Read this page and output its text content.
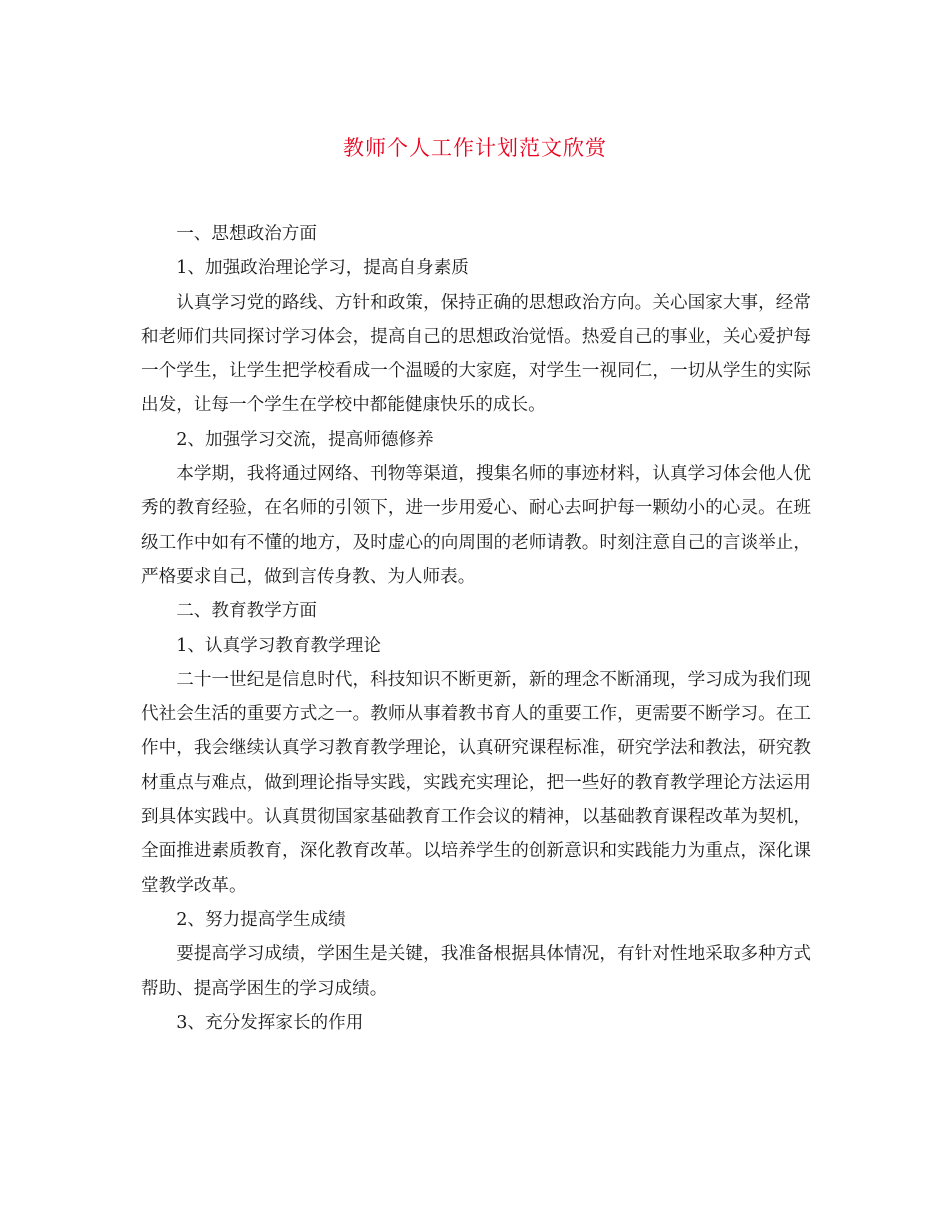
教师个人工作计划范文欣赏

一、思想政治方面

1、加强政治理论学习，提高自身素质

认真学习党的路线、方针和政策，保持正确的思想政治方向。关心国家大事，经常和老师们共同探讨学习体会，提高自己的思想政治觉悟。热爱自己的事业，关心爱护每一个学生，让学生把学校看成一个温暖的大家庭，对学生一视同仁，一切从学生的实际出发，让每一个学生在学校中都能健康快乐的成长。

2、加强学习交流，提高师德修养

本学期，我将通过网络、刊物等渠道，搜集名师的事迹材料，认真学习体会他人优秀的教育经验，在名师的引领下，进一步用爱心、耐心去呵护每一颗幼小的心灵。在班级工作中如有不懂的地方，及时虚心的向周围的老师请教。时刻注意自己的言谈举止，严格要求自己，做到言传身教、为人师表。

二、教育教学方面

1、认真学习教育教学理论

二十一世纪是信息时代，科技知识不断更新，新的理念不断涌现，学习成为我们现代社会生活的重要方式之一。教师从事着教书育人的重要工作，更需要不断学习。在工作中，我会继续认真学习教育教学理论，认真研究课程标准，研究学法和教法，研究教材重点与难点，做到理论指导实践，实践充实理论，把一些好的教育教学理论方法运用到具体实践中。认真贯彻国家基础教育工作会议的精神，以基础教育课程改革为契机，全面推进素质教育，深化教育改革。以培养学生的创新意识和实践能力为重点，深化课堂教学改革。

2、努力提高学生成绩

要提高学习成绩，学困生是关键，我准备根据具体情况，有针对性地采取多种方式帮助、提高学困生的学习成绩。

3、充分发挥家长的作用
